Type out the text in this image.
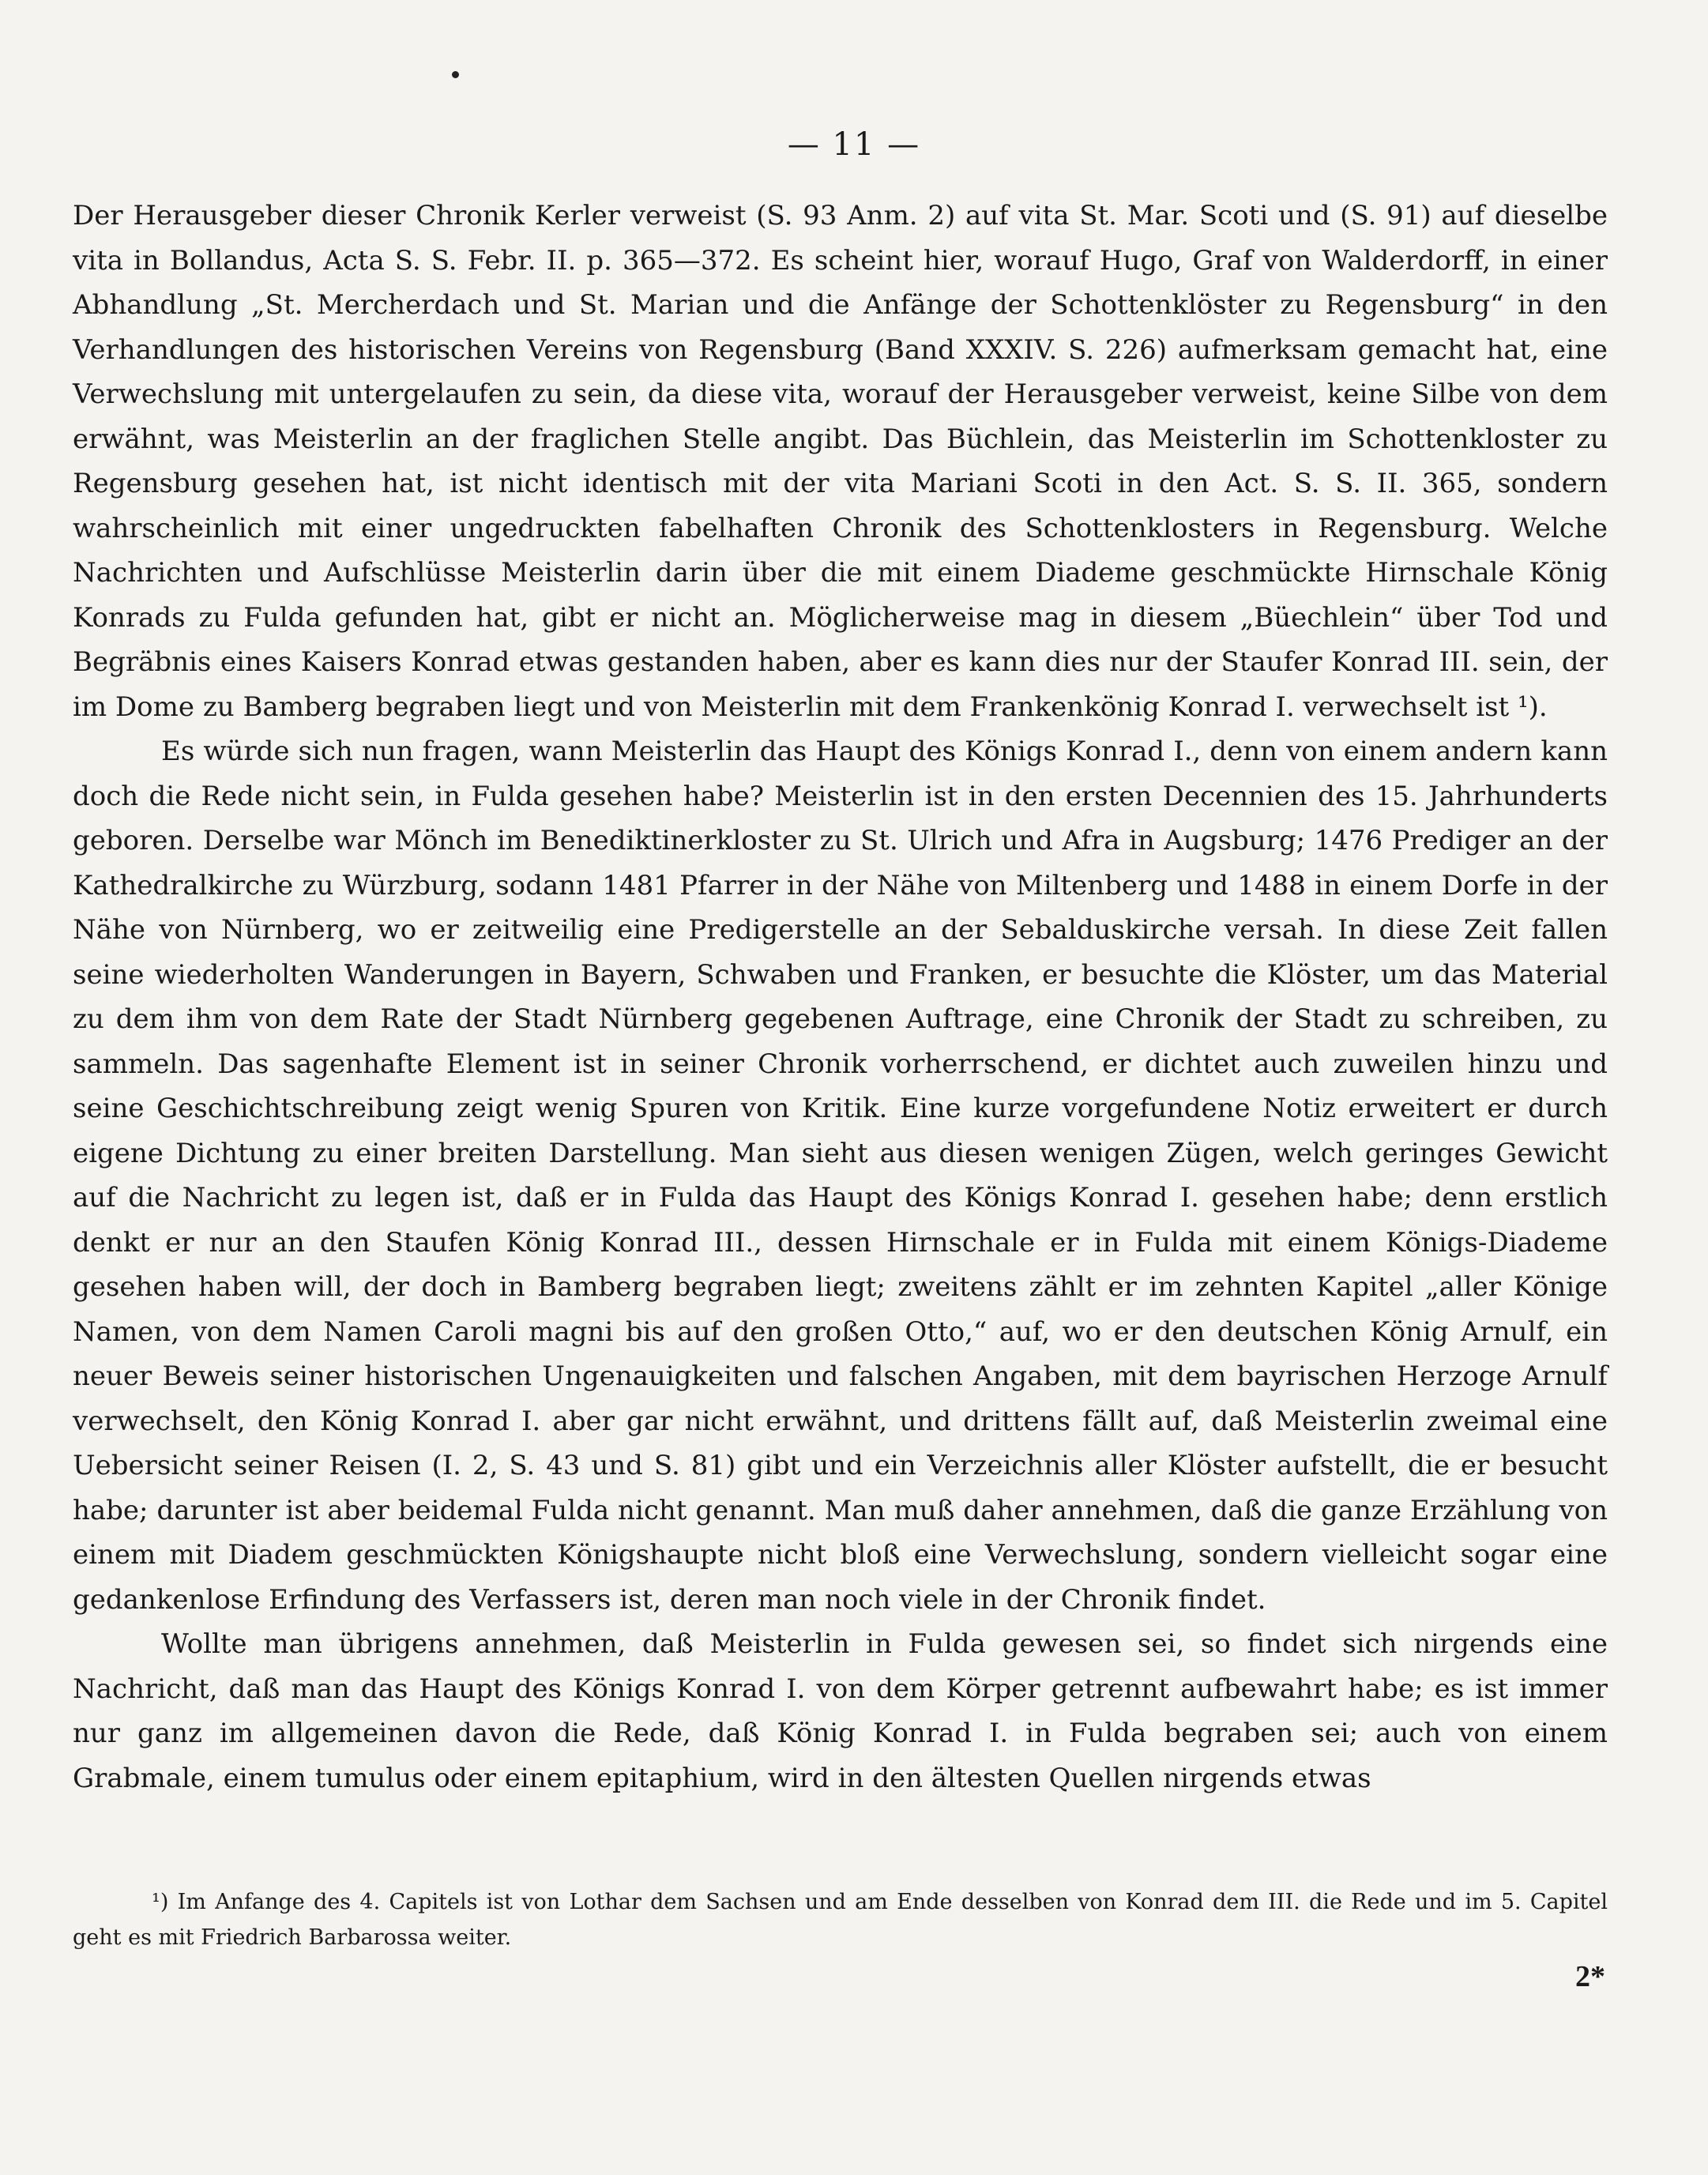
— 11 —

Der Herausgeber dieser Chronik Kerler verweist (S. 93 Anm. 2) auf vita St. Mar. Scoti und (S. 91) auf dieselbe vita in Bollandus, Acta S. S. Febr. II. p. 365—372. Es scheint hier, worauf Hugo, Graf von Walderdorff, in einer Abhandlung „St. Mercherdach und St. Marian und die Anfänge der Schottenklöster zu Regensburg“ in den Verhandlungen des historischen Vereins von Regensburg (Band XXXIV. S. 226) aufmerksam gemacht hat, eine Verwechslung mit untergelaufen zu sein, da diese vita, worauf der Herausgeber verweist, keine Silbe von dem erwähnt, was Meisterlin an der fraglichen Stelle angibt. Das Büchlein, das Meisterlin im Schottenkloster zu Regensburg gesehen hat, ist nicht identisch mit der vita Mariani Scoti in den Act. S. S. II. 365, sondern wahrscheinlich mit einer ungedruckten fabelhaften Chronik des Schottenklosters in Regensburg. Welche Nachrichten und Aufschlüsse Meisterlin darin über die mit einem Diademe geschmückte Hirnschale König Konrads zu Fulda gefunden hat, gibt er nicht an. Möglicherweise mag in diesem „Büechlein“ über Tod und Begräbnis eines Kaisers Konrad etwas gestanden haben, aber es kann dies nur der Staufer Konrad III. sein, der im Dome zu Bamberg begraben liegt und von Meisterlin mit dem Frankenkönig Konrad I. verwechselt ist ¹).

Es würde sich nun fragen, wann Meisterlin das Haupt des Königs Konrad I., denn von einem andern kann doch die Rede nicht sein, in Fulda gesehen habe? Meisterlin ist in den ersten Decennien des 15. Jahrhunderts geboren. Derselbe war Mönch im Benediktinerkloster zu St. Ulrich und Afra in Augsburg; 1476 Prediger an der Kathedralkirche zu Würzburg, sodann 1481 Pfarrer in der Nähe von Miltenberg und 1488 in einem Dorfe in der Nähe von Nürnberg, wo er zeitweilig eine Predigerstelle an der Sebalduskirche versah. In diese Zeit fallen seine wiederholten Wanderungen in Bayern, Schwaben und Franken, er besuchte die Klöster, um das Material zu dem ihm von dem Rate der Stadt Nürnberg gegebenen Auftrage, eine Chronik der Stadt zu schreiben, zu sammeln. Das sagenhafte Element ist in seiner Chronik vorherrschend, er dichtet auch zuweilen hinzu und seine Geschichtschreibung zeigt wenig Spuren von Kritik. Eine kurze vorgefundene Notiz erweitert er durch eigene Dichtung zu einer breiten Darstellung. Man sieht aus diesen wenigen Zügen, welch geringes Gewicht auf die Nachricht zu legen ist, daß er in Fulda das Haupt des Königs Konrad I. gesehen habe; denn erstlich denkt er nur an den Staufen König Konrad III., dessen Hirnschale er in Fulda mit einem Königs-Diademe gesehen haben will, der doch in Bamberg begraben liegt; zweitens zählt er im zehnten Kapitel „aller Könige Namen, von dem Namen Caroli magni bis auf den großen Otto,“ auf, wo er den deutschen König Arnulf, ein neuer Beweis seiner historischen Ungenauigkeiten und falschen Angaben, mit dem bayrischen Herzoge Arnulf verwechselt, den König Konrad I. aber gar nicht erwähnt, und drittens fällt auf, daß Meisterlin zweimal eine Uebersicht seiner Reisen (I. 2, S. 43 und S. 81) gibt und ein Verzeichnis aller Klöster aufstellt, die er besucht habe; darunter ist aber beidemal Fulda nicht genannt. Man muß daher annehmen, daß die ganze Erzählung von einem mit Diadem geschmückten Königshaupte nicht bloß eine Verwechslung, sondern vielleicht sogar eine gedankenlose Erfindung des Verfassers ist, deren man noch viele in der Chronik findet.

Wollte man übrigens annehmen, daß Meisterlin in Fulda gewesen sei, so findet sich nirgends eine Nachricht, daß man das Haupt des Königs Konrad I. von dem Körper getrennt aufbewahrt habe; es ist immer nur ganz im allgemeinen davon die Rede, daß König Konrad I. in Fulda begraben sei; auch von einem Grabmale, einem tumulus oder einem epitaphium, wird in den ältesten Quellen nirgends etwas

¹) Im Anfange des 4. Capitels ist von Lothar dem Sachsen und am Ende desselben von Konrad dem III. die Rede und im 5. Capitel geht es mit Friedrich Barbarossa weiter.

2*
